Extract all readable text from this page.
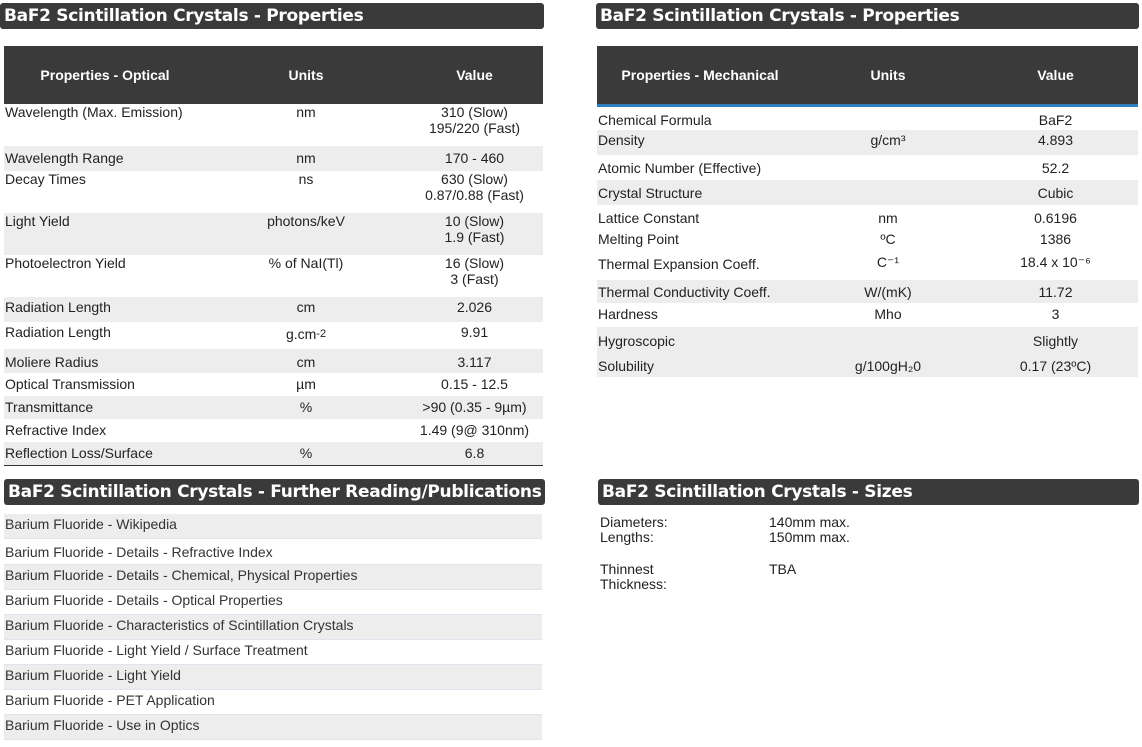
BaF2 Scintillation Crystals - Properties	BaF2 Scintillation Crystals - Properties
BaF2 Scintillation Crystals - Further Reading/Publications	BaF2 Scintillation Crystals - Sizes
Properties - Optical	Units	Value
Wavelength (Max. Emission)	nm	310 (Slow)
195/220 (Fast)
Wavelength Range	nm	170 - 460
Decay Times	ns	630 (Slow)
0.87/0.88 (Fast)
Light Yield	photons/keV	10 (Slow)
1.9 (Fast)
Photoelectron Yield	% of NaI(Tl)	16 (Slow)
3 (Fast)
Radiation Length	cm	2.026
Radiation Length	$g.cm^{-2}$	9.91
Moliere Radius	cm	3.117
Optical Transmission	µm	0.15 - 12.5
Transmittance	%	>90 (0.35 - 9µm)
Refractive Index		1.49 (9@ 310nm)
Reflection Loss/Surface	%	6.8
Properties - Mechanical	Units	Value
Chemical Formula		BaF2
Density	g/cm³	4.893
Atomic Number (Effective)		52.2
Crystal Structure		Cubic
Lattice Constant	nm	0.6196
Melting Point	ºC	1386
Thermal Expansion Coeff.	C⁻¹	18.4 x 10⁻⁶
Thermal Conductivity Coeff.	W/(mK)	11.72
Hardness	Mho	3
Hygroscopic		Slightly
Solubility	g/100gH₂0	0.17 (23ºC)
Barium Fluoride - Wikipedia
Barium Fluoride - Details - Refractive Index
Barium Fluoride - Details - Chemical, Physical Properties
Barium Fluoride - Details - Optical Properties
Barium Fluoride - Characteristics of Scintillation Crystals
Barium Fluoride - Light Yield / Surface Treatment
Barium Fluoride - Light Yield
Barium Fluoride - PET Application
Barium Fluoride - Use in Optics
Diameters:	140mm max.
Lengths:	150mm max.
Thinnest Thickness:
TBA
